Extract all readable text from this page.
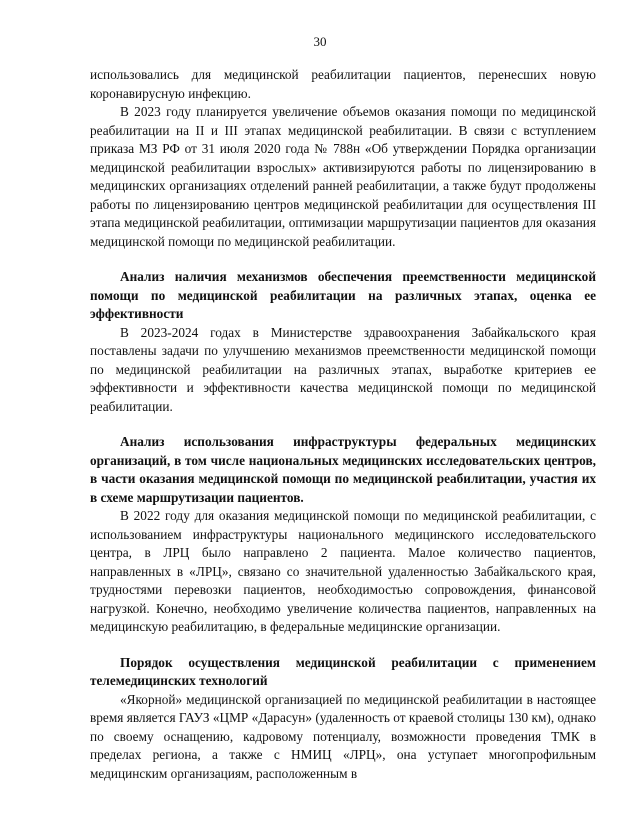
30

использовались для медицинской реабилитации пациентов, перенесших новую коронавирусную инфекцию.

В 2023 году планируется увеличение объемов оказания помощи по медицинской реабилитации на II и III этапах медицинской реабилитации. В связи с вступлением приказа МЗ РФ от 31 июля 2020 года № 788н «Об утверждении Порядка организации медицинской реабилитации взрослых» активизируются работы по лицензированию в медицинских организациях отделений ранней реабилитации, а также будут продолжены работы по лицензированию центров медицинской реабилитации для осуществления III этапа медицинской реабилитации, оптимизации маршрутизации пациентов для оказания медицинской помощи по медицинской реабилитации.

Анализ наличия механизмов обеспечения преемственности медицинской помощи по медицинской реабилитации на различных этапах, оценка ее эффективности

В 2023-2024 годах в Министерстве здравоохранения Забайкальского края поставлены задачи по улучшению механизмов преемственности медицинской помощи по медицинской реабилитации на различных этапах, выработке критериев ее эффективности и эффективности качества медицинской помощи по медицинской реабилитации.

Анализ использования инфраструктуры федеральных медицинских организаций, в том числе национальных медицинских исследовательских центров, в части оказания медицинской помощи по медицинской реабилитации, участия их в схеме маршрутизации пациентов.

В 2022 году для оказания медицинской помощи по медицинской реабилитации, с использованием инфраструктуры национального медицинского исследовательского центра, в ЛРЦ было направлено 2 пациента. Малое количество пациентов, направленных в «ЛРЦ», связано со значительной удаленностью Забайкальского края, трудностями перевозки пациентов, необходимостью сопровождения, финансовой нагрузкой. Конечно, необходимо увеличение количества пациентов, направленных на медицинскую реабилитацию, в федеральные медицинские организации.

Порядок осуществления медицинской реабилитации с применением телемедицинских технологий

«Якорной» медицинской организацией по медицинской реабилитации в настоящее время является ГАУЗ «ЦМР «Дарасун» (удаленность от краевой столицы 130 км), однако по своему оснащению, кадровому потенциалу, возможности проведения ТМК в пределах региона, а также с НМИЦ «ЛРЦ», она уступает многопрофильным медицинским организациям, расположенным в
